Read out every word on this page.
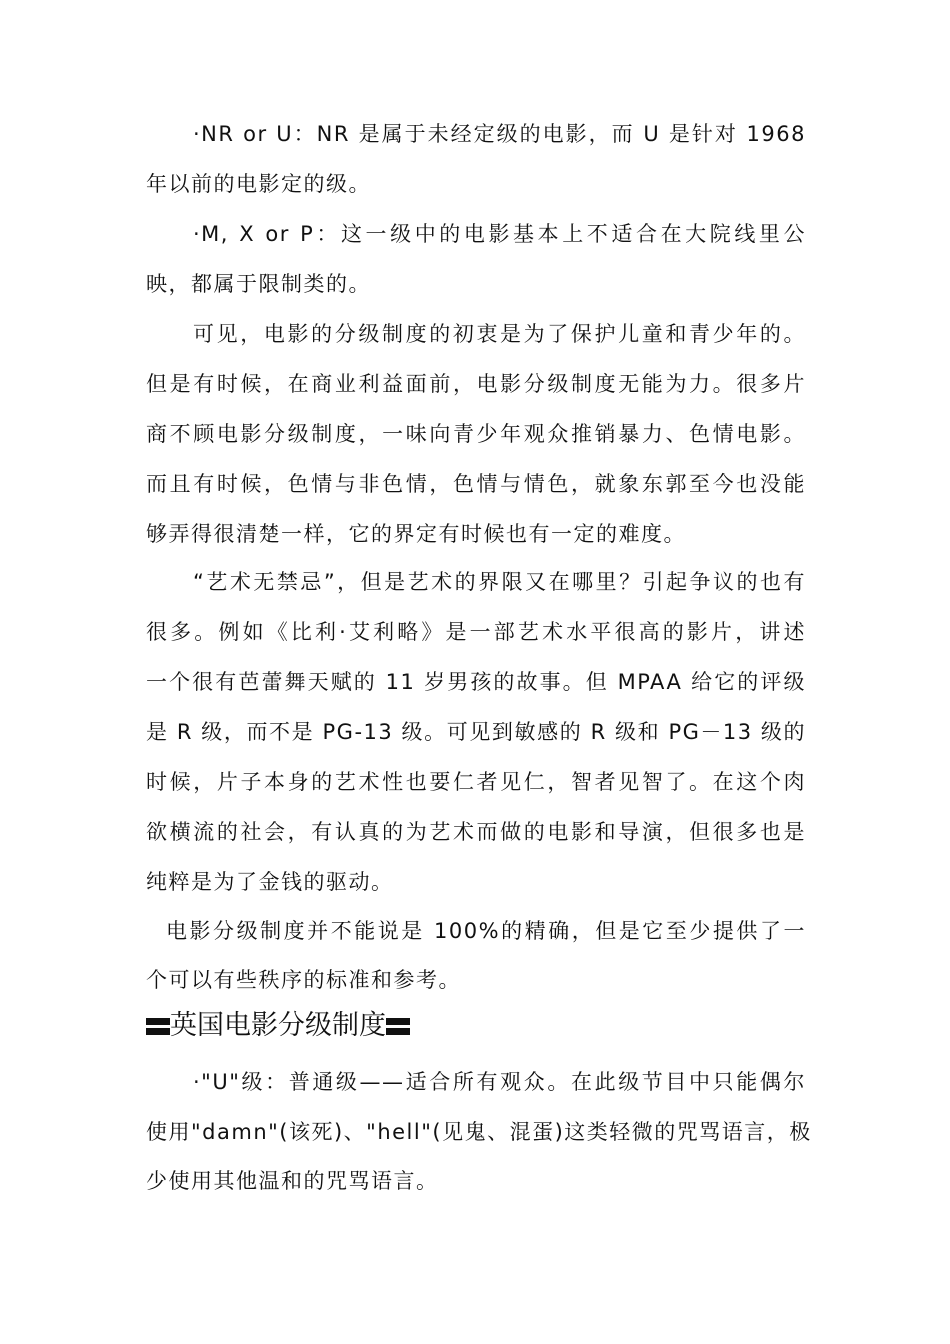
·NR or U：NR 是属于未经定级的电影，而 U 是针对 1968
年以前的电影定的级。
·M, X or P：这一级中的电影基本上不适合在大院线里公
映，都属于限制类的。
可见，电影的分级制度的初衷是为了保护儿童和青少年的。
但是有时候，在商业利益面前，电影分级制度无能为力。很多片
商不顾电影分级制度，一味向青少年观众推销暴力、色情电影。
而且有时候，色情与非色情，色情与情色，就象东郭至今也没能
够弄得很清楚一样，它的界定有时候也有一定的难度。
“艺术无禁忌”，但是艺术的界限又在哪里？引起争议的也有
很多。例如《比利·艾利略》是一部艺术水平很高的影片，讲述
一个很有芭蕾舞天赋的 11 岁男孩的故事。但 MPAA 给它的评级
是 R 级，而不是 PG-13 级。可见到敏感的 R 级和 PG－13 级的
时候，片子本身的艺术性也要仁者见仁，智者见智了。在这个肉
欲横流的社会，有认真的为艺术而做的电影和导演，但很多也是
纯粹是为了金钱的驱动。
电影分级制度并不能说是 100%的精确，但是它至少提供了一
个可以有些秩序的标准和参考。
英国电影分级制度
·"U"级：普通级——适合所有观众。在此级节目中只能偶尔
使用"damn"(该死)、"hell"(见鬼、混蛋)这类轻微的咒骂语言，极
少使用其他温和的咒骂语言。
